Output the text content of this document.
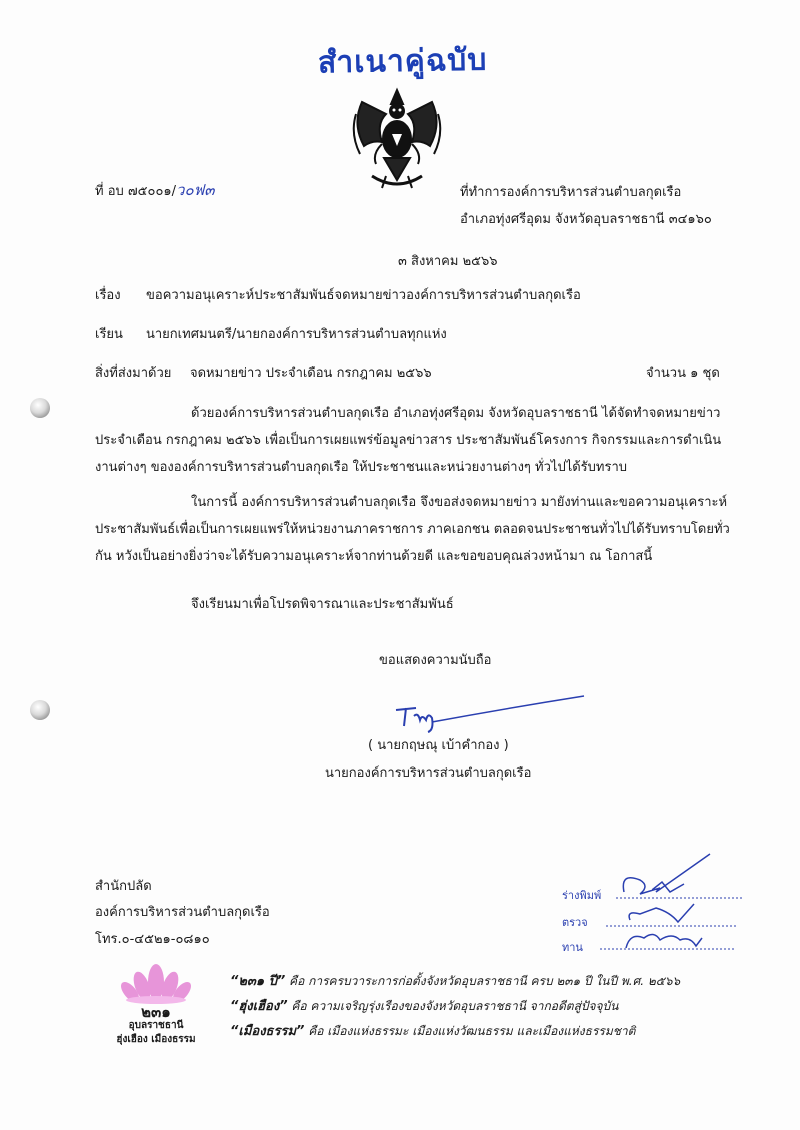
สำเนาคู่ฉบับ
ที่ อบ ๗๕๐๐๑/ว๐ฟ๓	ที่ทำการองค์การบริหารส่วนตำบลกุดเรือ
อำเภอทุ่งศรีอุดม จังหวัดอุบลราชธานี ๓๔๑๖๐
๓ สิงหาคม ๒๕๖๖
เรื่อง ขอความอนุเคราะห์ประชาสัมพันธ์จดหมายข่าวองค์การบริหารส่วนตำบลกุดเรือ
เรียน นายกเทศมนตรี/นายกองค์การบริหารส่วนตำบลทุกแห่ง
สิ่งที่ส่งมาด้วย จดหมายข่าว ประจำเดือน กรกฎาคม ๒๕๖๖	จำนวน ๑ ชุด
ด้วยองค์การบริหารส่วนตำบลกุดเรือ อำเภอทุ่งศรีอุดม จังหวัดอุบลราชธานี ได้จัดทำจดหมายข่าว ประจำเดือน กรกฎาคม ๒๕๖๖ เพื่อเป็นการเผยแพร่ข้อมูลข่าวสาร ประชาสัมพันธ์โครงการ กิจกรรมและการดำเนินงานต่างๆ ขององค์การบริหารส่วนตำบลกุดเรือ ให้ประชาชนและหน่วยงานต่างๆ ทั่วไปได้รับทราบ
ในการนี้ องค์การบริหารส่วนตำบลกุดเรือ จึงขอส่งจดหมายข่าว มายังท่านและขอความอนุเคราะห์ประชาสัมพันธ์เพื่อเป็นการเผยแพร่ให้หน่วยงานภาคราชการ ภาคเอกชน ตลอดจนประชาชนทั่วไปได้รับทราบโดยทั่วกัน หวังเป็นอย่างยิ่งว่าจะได้รับความอนุเคราะห์จากท่านด้วยดี และขอขอบคุณล่วงหน้ามา ณ โอกาสนี้
จึงเรียนมาเพื่อโปรดพิจารณาและประชาสัมพันธ์
ขอแสดงความนับถือ
( นายกฤษณุ เบ้าคำกอง )
นายกองค์การบริหารส่วนตำบลกุดเรือ
สำนักปลัด
องค์การบริหารส่วนตำบลกุดเรือ
โทร.๐-๔๕๒๑-๐๘๑๐
ร่างพิมพ์
ตรวจ
ทาน
๒๓๑
อุบลราชธานี
ฮุ่งเฮือง เมืองธรรม
“๒๓๑ ปี” คือ การครบวาระการก่อตั้งจังหวัดอุบลราชธานี ครบ ๒๓๑ ปี ในปี พ.ศ. ๒๕๖๖
“ฮุ่งเฮือง” คือ ความเจริญรุ่งเรืองของจังหวัดอุบลราชธานี จากอดีตสู่ปัจจุบัน
“เมืองธรรม” คือ เมืองแห่งธรรมะ เมืองแห่งวัฒนธรรม และเมืองแห่งธรรมชาติ
